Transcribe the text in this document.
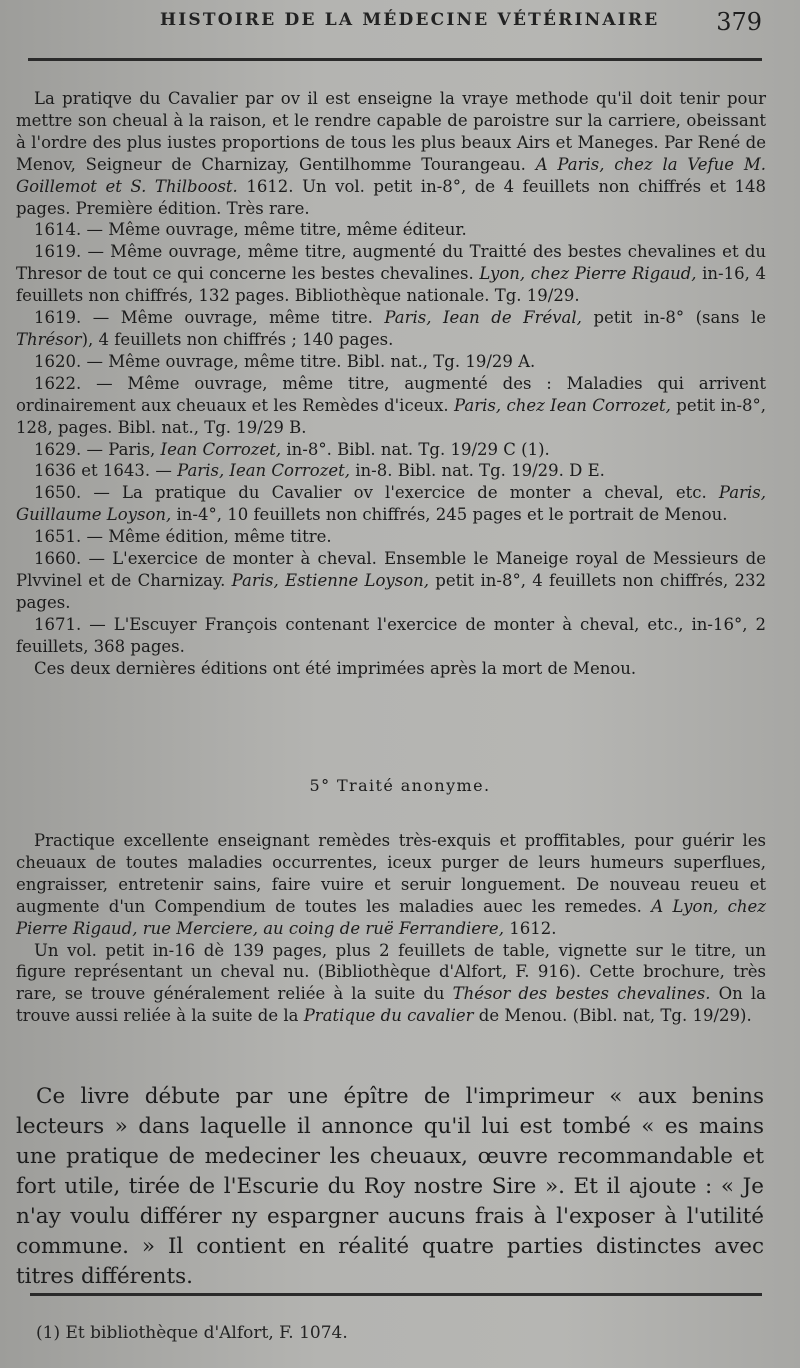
HISTOIRE DE LA MÉDECINE VÉTÉRINAIRE 379

La pratiqve du Cavalier par ov il est enseigne la vraye methode qu'il doit tenir pour mettre son cheual à la raison, et le rendre capable de paroistre sur la carriere, obeissant à l'ordre des plus iustes proportions de tous les plus beaux Airs et Maneges. Par René de Menov, Seigneur de Charnizay, Gentilhomme Tourangeau. A Paris, chez la Vefue M. Goillemot et S. Thilboost. 1612. Un vol. petit in-8°, de 4 feuillets non chiffrés et 148 pages. Première édition. Très rare.

1614. — Même ouvrage, même titre, même éditeur.

1619. — Même ouvrage, même titre, augmenté du Traitté des bestes chevalines et du Thresor de tout ce qui concerne les bestes chevalines. Lyon, chez Pierre Rigaud, in-16, 4 feuillets non chiffrés, 132 pages. Bibliothèque nationale. Tg. 19/29.

1619. — Même ouvrage, même titre. Paris, Iean de Fréval, petit in-8° (sans le Thrésor), 4 feuillets non chiffrés ; 140 pages.

1620. — Même ouvrage, même titre. Bibl. nat., Tg. 19/29 A.

1622. — Même ouvrage, même titre, augmenté des : Maladies qui arrivent ordinairement aux cheuaux et les Remèdes d'iceux. Paris, chez Iean Corrozet, petit in-8°, 128, pages. Bibl. nat., Tg. 19/29 B.

1629. — Paris, Iean Corrozet, in-8°. Bibl. nat. Tg. 19/29 C (1).

1636 et 1643. — Paris, Iean Corrozet, in-8. Bibl. nat. Tg. 19/29. D E.

1650. — La pratique du Cavalier ov l'exercice de monter a cheval, etc. Paris, Guillaume Loyson, in-4°, 10 feuillets non chiffrés, 245 pages et le portrait de Menou.

1651. — Même édition, même titre.

1660. — L'exercice de monter à cheval. Ensemble le Maneige royal de Messieurs de Plvvinel et de Charnizay. Paris, Estienne Loyson, petit in-8°, 4 feuillets non chiffrés, 232 pages.

1671. — L'Escuyer François contenant l'exercice de monter à cheval, etc., in-16°, 2 feuillets, 368 pages.

Ces deux dernières éditions ont été imprimées après la mort de Menou.

5° Traité anonyme.

Practique excellente enseignant remèdes très-exquis et proffitables, pour guérir les cheuaux de toutes maladies occurrentes, iceux purger de leurs humeurs superflues, engraisser, entretenir sains, faire vuire et seruir longuement. De nouveau reueu et augmente d'un Compendium de toutes les maladies auec les remedes. A Lyon, chez Pierre Rigaud, rue Merciere, au coing de ruë Ferrandiere, 1612.

Un vol. petit in-16 dè 139 pages, plus 2 feuillets de table, vignette sur le titre, un figure représentant un cheval nu. (Bibliothèque d'Alfort, F. 916). Cette brochure, très rare, se trouve généralement reliée à la suite du Thésor des bestes chevalines. On la trouve aussi reliée à la suite de la Pratique du cavalier de Menou. (Bibl. nat, Tg. 19/29).

Ce livre débute par une épître de l'imprimeur « aux benins lecteurs » dans laquelle il annonce qu'il lui est tombé « es mains une pratique de medeciner les cheuaux, œuvre recommandable et fort utile, tirée de l'Escurie du Roy nostre Sire ». Et il ajoute : « Je n'ay voulu différer ny espargner aucuns frais à l'exposer à l'utilité commune. » Il contient en réalité quatre parties distinctes avec titres différents.

(1) Et bibliothèque d'Alfort, F. 1074.
